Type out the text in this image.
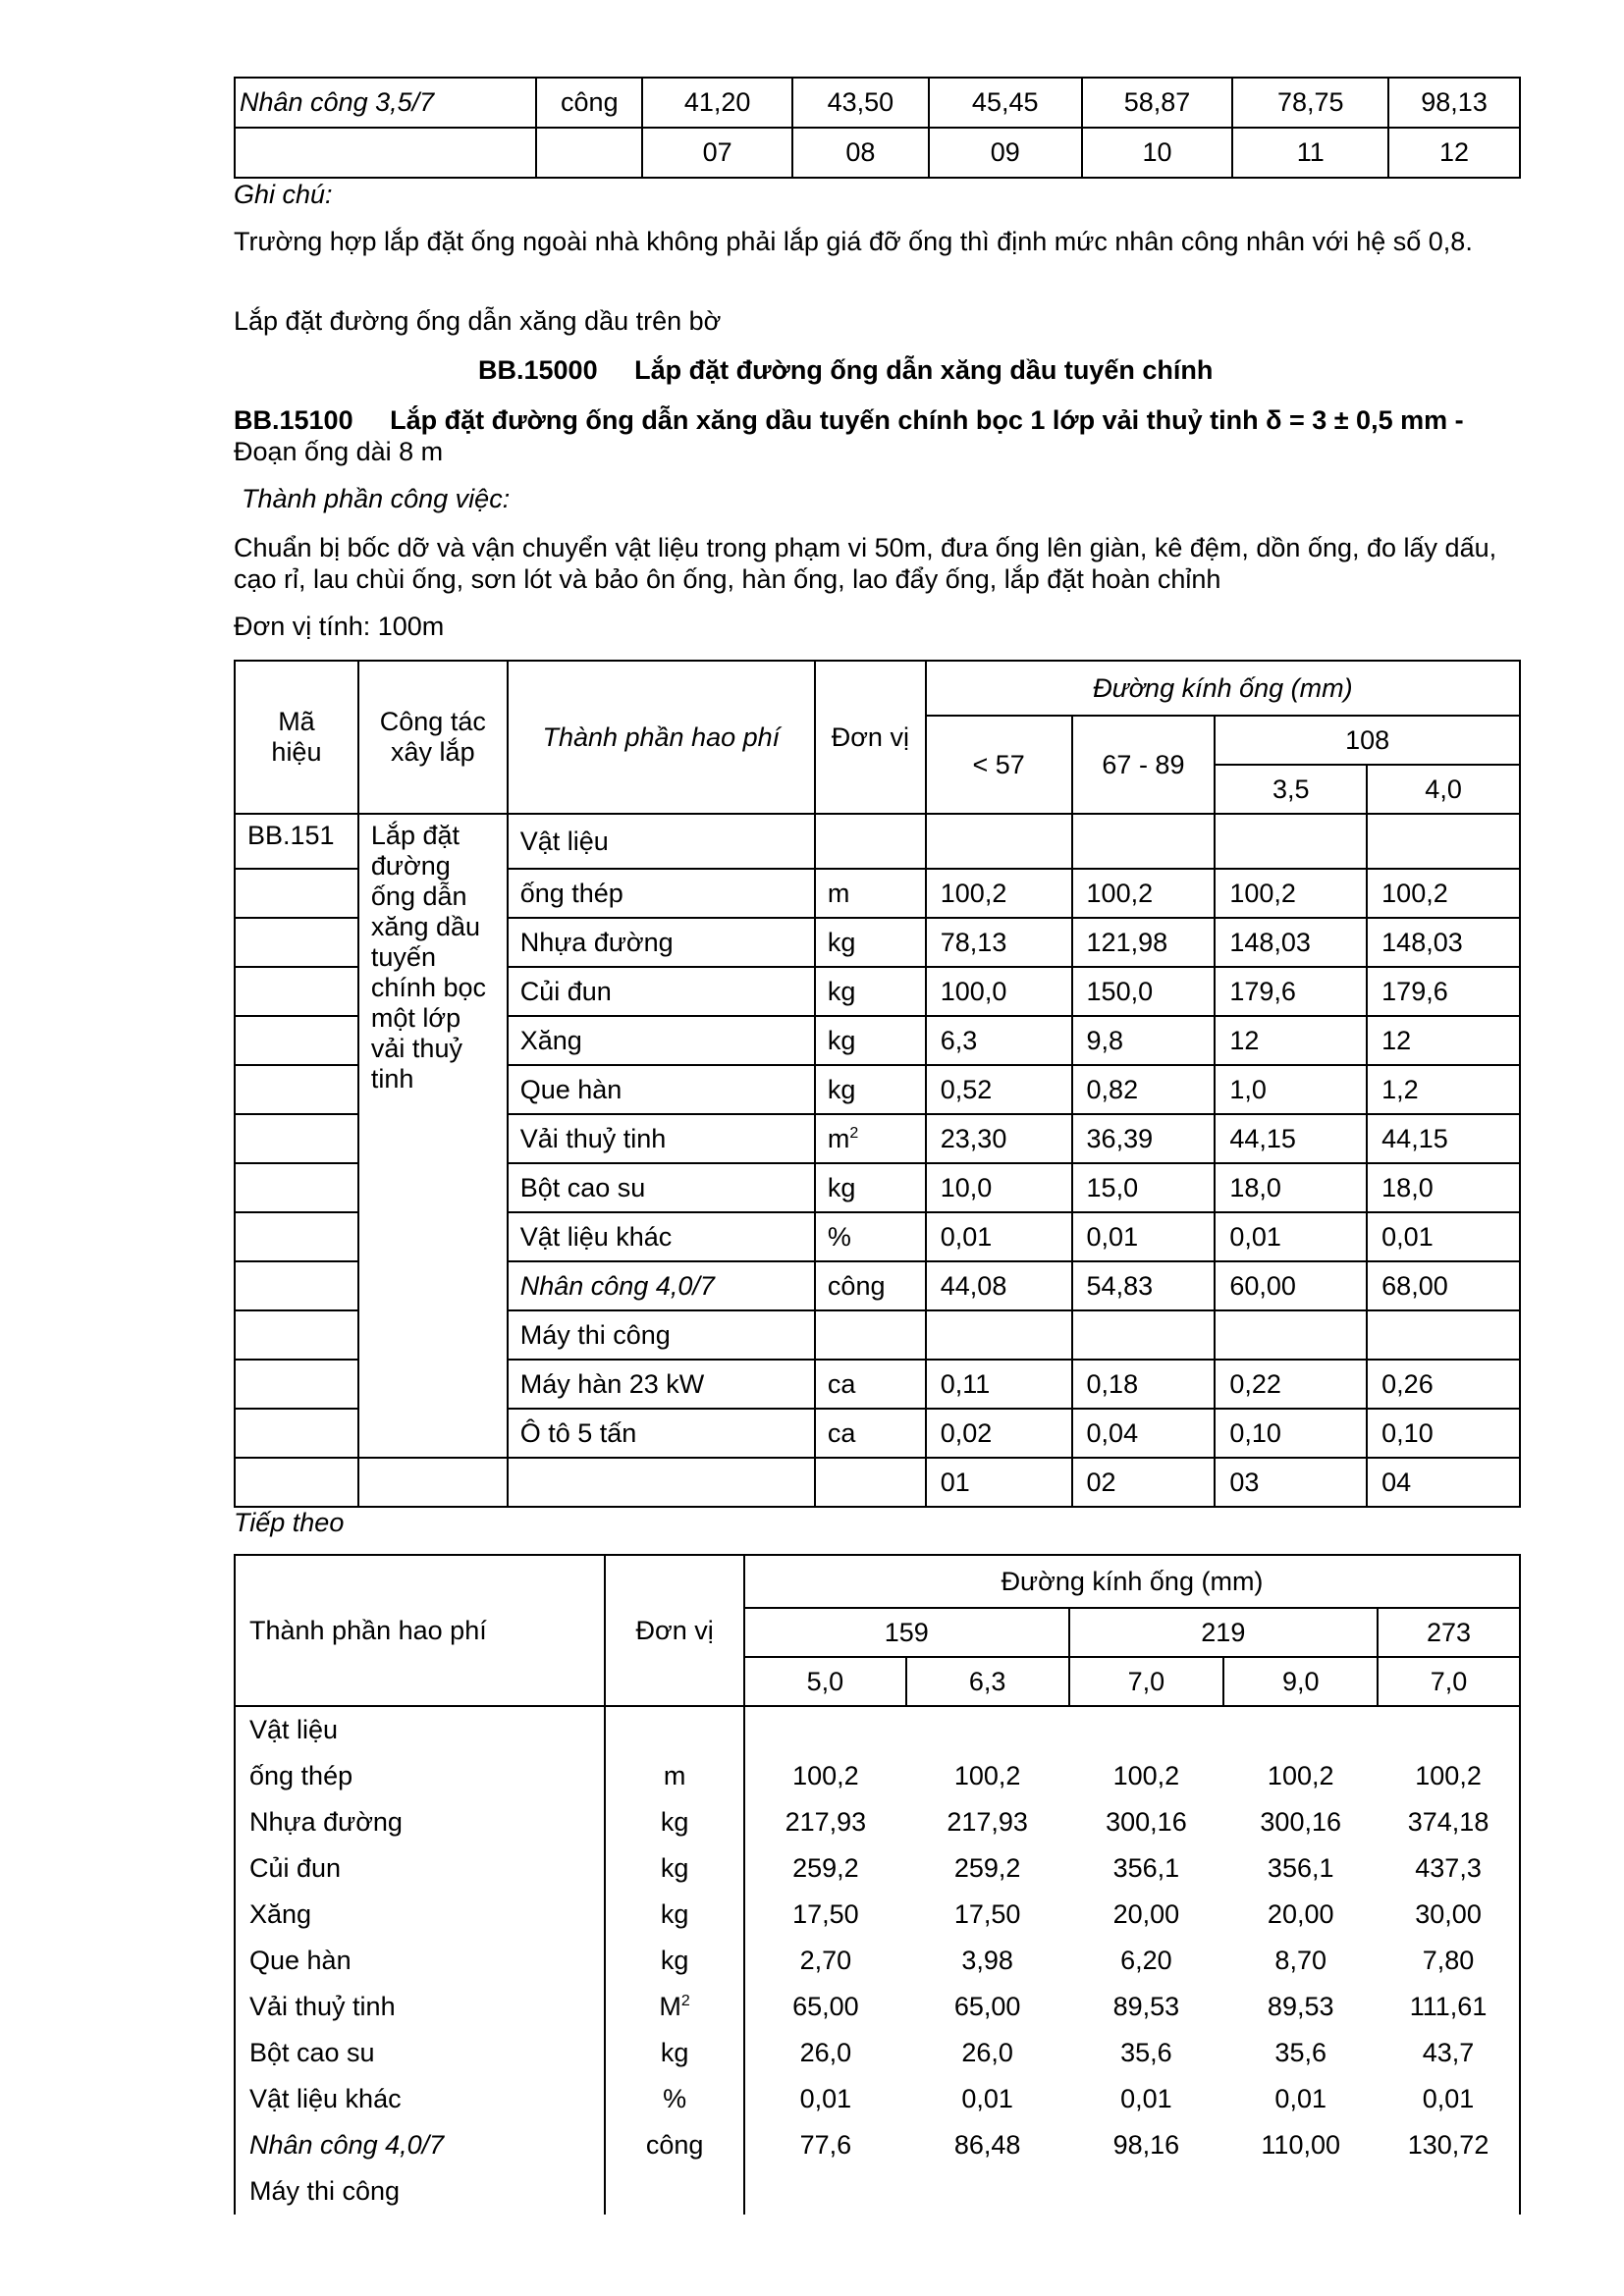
Nhân công 3,5/7	công	41,20	43,50	45,45	58,87	78,75	98,13
		07	08	09	10	11	12
Ghi chú:
Trường hợp lắp đặt ống ngoài nhà không phải lắp giá đỡ ống thì định mức nhân công nhân với hệ số 0,8.
Lắp đặt đường ống dẫn xăng dầu trên bờ
BB.15000     Lắp đặt đường ống dẫn xăng dầu tuyến chính
BB.15100 Lắp đặt đường ống dẫn xăng dầu tuyến chính bọc 1 lớp vải thuỷ tinh δ = 3 ± 0,5 mm - Đoạn ống dài 8 m
Thành phần công việc:
Chuẩn bị bốc dỡ và vận chuyển vật liệu trong phạm vi 50m, đưa ống lên giàn, kê đệm, dồn ống, đo lấy dấu, cạo rỉ, lau chùi ống, sơn lót và bảo ôn ống, hàn ống, lao đẩy ống, lắp đặt hoàn chỉnh
Đơn vị tính: 100m
Mã hiệu	Công tác xây lắp	Thành phần hao phí	Đơn vị	Đường kính ống (mm)			
				< 57	67 - 89	108	
						3,5	4,0
BB.151	Lắp đặt đường ống dẫn xăng dầu tuyến chính bọc một lớp vải thuỷ tinh	Vật liệu					
		ống thép	m	100,2	100,2	100,2	100,2
		Nhựa đường	kg	78,13	121,98	148,03	148,03
		Củi đun	kg	100,0	150,0	179,6	179,6
		Xăng	kg	6,3	9,8	12	12
		Que hàn	kg	0,52	0,82	1,0	1,2
		Vải thuỷ tinh	$m^2$	23,30	36,39	44,15	44,15
		Bột cao su	kg	10,0	15,0	18,0	18,0
		Vật liệu khác	%	0,01	0,01	0,01	0,01
		Nhân công 4,0/7	công	44,08	54,83	60,00	68,00
		Máy thi công					
		Máy hàn 23 kW	ca	0,11	0,18	0,22	0,26
		Ô tô 5 tấn	ca	0,02	0,04	0,10	0,10
				01	02	03	04
Tiếp theo
Thành phần hao phí	Đơn vị	Đường kính ống (mm)				
		159		219		273
		5,0	6,3	7,0	9,0	7,0
Vật liệu						
ống thép	m	100,2	100,2	100,2	100,2	100,2
Nhựa đường	kg	217,93	217,93	300,16	300,16	374,18
Củi đun	kg	259,2	259,2	356,1	356,1	437,3
Xăng	kg	17,50	17,50	20,00	20,00	30,00
Que hàn	kg	2,70	3,98	6,20	8,70	7,80
Vải thuỷ tinh	$M^2$	65,00	65,00	89,53	89,53	111,61
Bột cao su	kg	26,0	26,0	35,6	35,6	43,7
Vật liệu khác	%	0,01	0,01	0,01	0,01	0,01
Nhân công 4,0/7	công	77,6	86,48	98,16	110,00	130,72
Máy thi công						
